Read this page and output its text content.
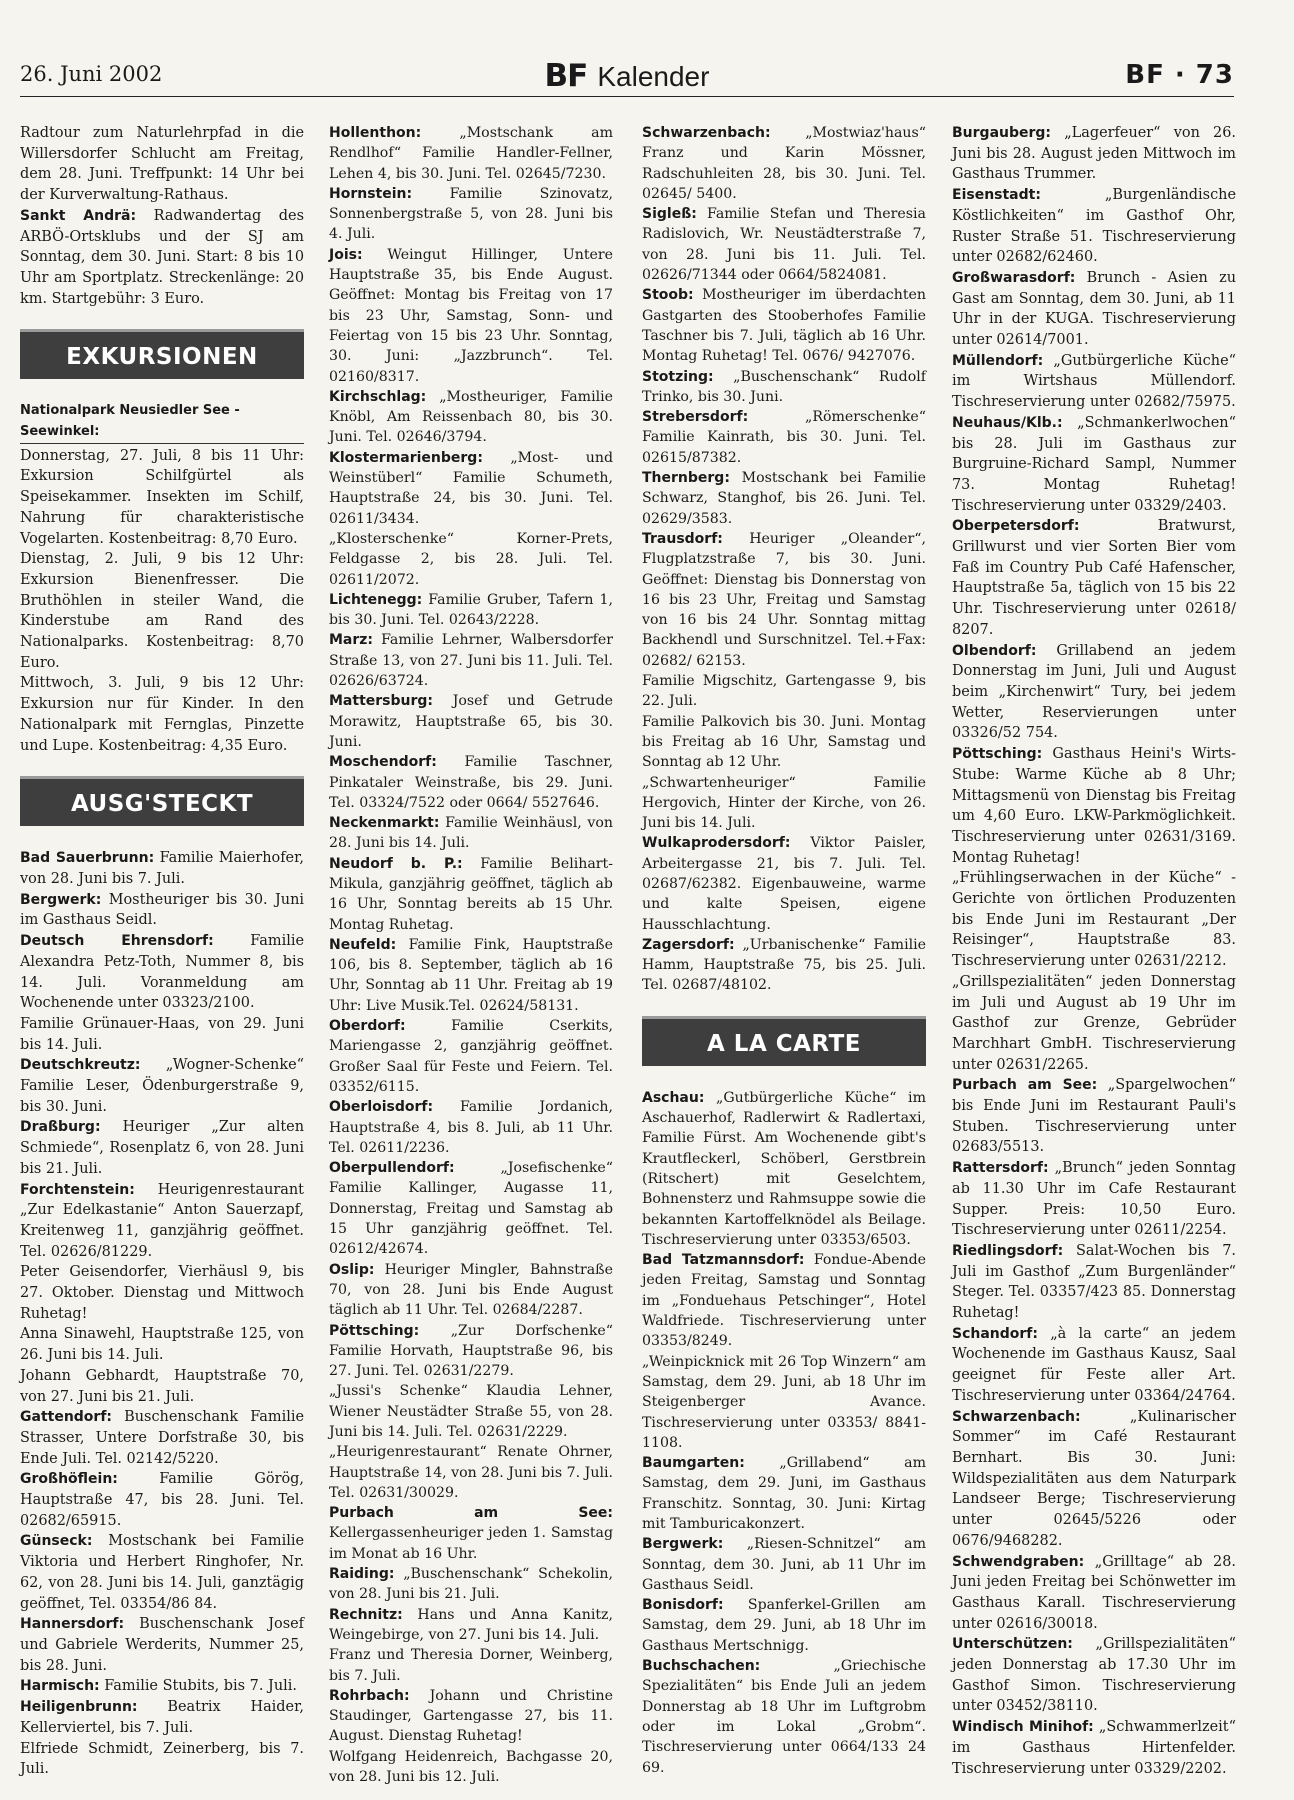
26. Juni 2002	BF Kalender	BF · 73

Radtour zum Naturlehrpfad in die Willersdorfer Schlucht am Freitag, dem 28. Juni. Treffpunkt: 14 Uhr bei der Kurverwaltung-Rathaus.

Sankt Andrä: Radwandertag des ARBÖ-Ortsklubs und der SJ am Sonntag, dem 30. Juni. Start: 8 bis 10 Uhr am Sportplatz. Streckenlänge: 20 km. Startgebühr: 3 Euro.

EXKURSIONEN
Nationalpark Neusiedler See - Seewinkel:

Donnerstag, 27. Juli, 8 bis 11 Uhr: Exkursion Schilfgürtel als Speisekammer. Insekten im Schilf, Nahrung für charakteristische Vogelarten. Kostenbeitrag: 8,70 Euro.

Dienstag, 2. Juli, 9 bis 12 Uhr: Exkursion Bienenfresser. Die Bruthöhlen in steiler Wand, die Kinderstube am Rand des Nationalparks. Kostenbeitrag: 8,70 Euro.

Mittwoch, 3. Juli, 9 bis 12 Uhr: Exkursion nur für Kinder. In den Nationalpark mit Fernglas, Pinzette und Lupe. Kostenbeitrag: 4,35 Euro.

AUSG'STECKT

Bad Sauerbrunn: Familie Maierhofer, von 28. Juni bis 7. Juli.

Bergwerk: Mostheuriger bis 30. Juni im Gasthaus Seidl.

Deutsch Ehrensdorf: Familie Alexandra Petz-Toth, Nummer 8, bis 14. Juli. Voranmeldung am Wochenende unter 03323/2100.

Familie Grünauer-Haas, von 29. Juni bis 14. Juli.

Deutschkreutz: „Wogner-Schenke“ Familie Leser, Ödenburgerstraße 9, bis 30. Juni.

Draßburg: Heuriger „Zur alten Schmiede“, Rosenplatz 6, von 28. Juni bis 21. Juli.

Forchtenstein: Heurigenrestaurant „Zur Edelkastanie“ Anton Sauerzapf, Kreitenweg 11, ganzjährig geöffnet. Tel. 02626/81229.

Peter Geisendorfer, Vierhäusl 9, bis 27. Oktober. Dienstag und Mittwoch Ruhetag!

Anna Sinawehl, Hauptstraße 125, von 26. Juni bis 14. Juli.

Johann Gebhardt, Hauptstraße 70, von 27. Juni bis 21. Juli.

Gattendorf: Buschenschank Familie Strasser, Untere Dorfstraße 30, bis Ende Juli. Tel. 02142/5220.

Großhöflein: Familie Görög, Hauptstraße 47, bis 28. Juni. Tel. 02682/65915.

Günseck: Mostschank bei Familie Viktoria und Herbert Ringhofer, Nr. 62, von 28. Juni bis 14. Juli, ganztägig geöffnet, Tel. 03354/86 84.

Hannersdorf: Buschenschank Josef und Gabriele Werderits, Nummer 25, bis 28. Juni.

Harmisch: Familie Stubits, bis 7. Juli.

Heiligenbrunn: Beatrix Haider, Kellerviertel, bis 7. Juli.

Elfriede Schmidt, Zeinerberg, bis 7. Juli.

Hollenthon: „Mostschank am Rendlhof“ Familie Handler-Fellner, Lehen 4, bis 30. Juni. Tel. 02645/7230.

Hornstein: Familie Szinovatz, Sonnenbergstraße 5, von 28. Juni bis 4. Juli.

Jois: Weingut Hillinger, Untere Hauptstraße 35, bis Ende August. Geöffnet: Montag bis Freitag von 17 bis 23 Uhr, Samstag, Sonn- und Feiertag von 15 bis 23 Uhr. Sonntag, 30. Juni: „Jazzbrunch“. Tel. 02160/8317.

Kirchschlag: „Mostheuriger, Familie Knöbl, Am Reissenbach 80, bis 30. Juni. Tel. 02646/3794.

Klostermarienberg: „Most- und Weinstüberl“ Familie Schumeth, Hauptstraße 24, bis 30. Juni. Tel. 02611/3434.

„Klosterschenke“ Korner-Prets, Feldgasse 2, bis 28. Juli. Tel. 02611/2072.

Lichtenegg: Familie Gruber, Tafern 1, bis 30. Juni. Tel. 02643/2228.

Marz: Familie Lehrner, Walbersdorfer Straße 13, von 27. Juni bis 11. Juli. Tel. 02626/63724.

Mattersburg: Josef und Getrude Morawitz, Hauptstraße 65, bis 30. Juni.

Moschendorf: Familie Taschner, Pinkataler Weinstraße, bis 29. Juni. Tel. 03324/7522 oder 0664/ 5527646.

Neckenmarkt: Familie Weinhäusl, von 28. Juni bis 14. Juli.

Neudorf b. P.: Familie Belihart-Mikula, ganzjährig geöffnet, täglich ab 16 Uhr, Sonntag bereits ab 15 Uhr. Montag Ruhetag.

Neufeld: Familie Fink, Hauptstraße 106, bis 8. September, täglich ab 16 Uhr, Sonntag ab 11 Uhr. Freitag ab 19 Uhr: Live Musik.Tel. 02624/58131.

Oberdorf: Familie Cserkits, Mariengasse 2, ganzjährig geöffnet. Großer Saal für Feste und Feiern. Tel. 03352/6115.

Oberloisdorf: Familie Jordanich, Hauptstraße 4, bis 8. Juli, ab 11 Uhr. Tel. 02611/2236.

Oberpullendorf: „Josefischenke“ Familie Kallinger, Augasse 11, Donnerstag, Freitag und Samstag ab 15 Uhr ganzjährig geöffnet. Tel. 02612/42674.

Oslip: Heuriger Mingler, Bahnstraße 70, von 28. Juni bis Ende August täglich ab 11 Uhr. Tel. 02684/2287.

Pöttsching: „Zur Dorfschenke“ Familie Horvath, Hauptstraße 96, bis 27. Juni. Tel. 02631/2279.

„Jussi's Schenke“ Klaudia Lehner, Wiener Neustädter Straße 55, von 28. Juni bis 14. Juli. Tel. 02631/2229.

„Heurigenrestaurant“ Renate Ohrner, Hauptstraße 14, von 28. Juni bis 7. Juli. Tel. 02631/30029.

Purbach am See: Kellergassenheuriger jeden 1. Samstag im Monat ab 16 Uhr.

Raiding: „Buschenschank“ Schekolin, von 28. Juni bis 21. Juli.

Rechnitz: Hans und Anna Kanitz, Weingebirge, von 27. Juni bis 14. Juli.

Franz und Theresia Dorner, Weinberg, bis 7. Juli.

Rohrbach: Johann und Christine Staudinger, Gartengasse 27, bis 11. August. Dienstag Ruhetag!

Wolfgang Heidenreich, Bachgasse 20, von 28. Juni bis 12. Juli.

Schwarzenbach: „Mostwiaz'haus“ Franz und Karin Mössner, Radschuhleiten 28, bis 30. Juni. Tel. 02645/ 5400.

Sigleß: Familie Stefan und Theresia Radislovich, Wr. Neustädterstraße 7, von 28. Juni bis 11. Juli. Tel. 02626/71344 oder 0664/5824081.

Stoob: Mostheuriger im überdachten Gastgarten des Stooberhofes Familie Taschner bis 7. Juli, täglich ab 16 Uhr. Montag Ruhetag! Tel. 0676/ 9427076.

Stotzing: „Buschenschank“ Rudolf Trinko, bis 30. Juni.

Strebersdorf: „Römerschenke“ Familie Kainrath, bis 30. Juni. Tel. 02615/87382.

Thernberg: Mostschank bei Familie Schwarz, Stanghof, bis 26. Juni. Tel. 02629/3583.

Trausdorf: Heuriger „Oleander“, Flugplatzstraße 7, bis 30. Juni. Geöffnet: Dienstag bis Donnerstag von 16 bis 23 Uhr, Freitag und Samstag von 16 bis 24 Uhr. Sonntag mittag Backhendl und Surschnitzel. Tel.+Fax: 02682/ 62153.

Familie Migschitz, Gartengasse 9, bis 22. Juli.

Familie Palkovich bis 30. Juni. Montag bis Freitag ab 16 Uhr, Samstag und Sonntag ab 12 Uhr.

„Schwartenheuriger“ Familie Hergovich, Hinter der Kirche, von 26. Juni bis 14. Juli.

Wulkaprodersdorf: Viktor Paisler, Arbeitergasse 21, bis 7. Juli. Tel. 02687/62382. Eigenbauweine, warme und kalte Speisen, eigene Hausschlachtung.

Zagersdorf: „Urbanischenke“ Familie Hamm, Hauptstraße 75, bis 25. Juli. Tel. 02687/48102.

A LA CARTE

Aschau: „Gutbürgerliche Küche“ im Aschauerhof, Radlerwirt & Radlertaxi, Familie Fürst. Am Wochenende gibt's Krautfleckerl, Schöberl, Gerstbrein (Ritschert) mit Geselchtem, Bohnensterz und Rahmsuppe sowie die bekannten Kartoffelknödel als Beilage. Tischreservierung unter 03353/6503.

Bad Tatzmannsdorf: Fondue-Abende jeden Freitag, Samstag und Sonntag im „Fonduehaus Petschinger“, Hotel Waldfriede. Tischreservierung unter 03353/8249.

„Weinpicknick mit 26 Top Winzern“ am Samstag, dem 29. Juni, ab 18 Uhr im Steigenberger Avance. Tischreservierung unter 03353/ 8841-1108.

Baumgarten: „Grillabend“ am Samstag, dem 29. Juni, im Gasthaus Franschitz. Sonntag, 30. Juni: Kirtag mit Tamburicakonzert.

Bergwerk: „Riesen-Schnitzel“ am Sonntag, dem 30. Juni, ab 11 Uhr im Gasthaus Seidl.

Bonisdorf: Spanferkel-Grillen am Samstag, dem 29. Juni, ab 18 Uhr im Gasthaus Mertschnigg.

Buchschachen: „Griechische Spezialitäten“ bis Ende Juli an jedem Donnerstag ab 18 Uhr im Luftgrobm oder im Lokal „Grobm“. Tischreservierung unter 0664/133 24 69.

Burgauberg: „Lagerfeuer“ von 26. Juni bis 28. August jeden Mittwoch im Gasthaus Trummer.

Eisenstadt: „Burgenländische Köstlichkeiten“ im Gasthof Ohr, Ruster Straße 51. Tischreservierung unter 02682/62460.

Großwarasdorf: Brunch - Asien zu Gast am Sonntag, dem 30. Juni, ab 11 Uhr in der KUGA. Tischreservierung unter 02614/7001.

Müllendorf: „Gutbürgerliche Küche“ im Wirtshaus Müllendorf. Tischreservierung unter 02682/75975.

Neuhaus/Klb.: „Schmankerlwochen“ bis 28. Juli im Gasthaus zur Burgruine-Richard Sampl, Nummer 73. Montag Ruhetag! Tischreservierung unter 03329/2403.

Oberpetersdorf: Bratwurst, Grillwurst und vier Sorten Bier vom Faß im Country Pub Café Hafenscher, Hauptstraße 5a, täglich von 15 bis 22 Uhr. Tischreservierung unter 02618/ 8207.

Olbendorf: Grillabend an jedem Donnerstag im Juni, Juli und August beim „Kirchenwirt“ Tury, bei jedem Wetter, Reservierungen unter 03326/52 754.

Pöttsching: Gasthaus Heini's Wirts-Stube: Warme Küche ab 8 Uhr; Mittagsmenü von Dienstag bis Freitag um 4,60 Euro. LKW-Parkmöglichkeit. Tischreservierung unter 02631/3169. Montag Ruhetag!

„Frühlingserwachen in der Küche“ - Gerichte von örtlichen Produzenten bis Ende Juni im Restaurant „Der Reisinger“, Hauptstraße 83. Tischreservierung unter 02631/2212.

„Grillspezialitäten“ jeden Donnerstag im Juli und August ab 19 Uhr im Gasthof zur Grenze, Gebrüder Marchhart GmbH. Tischreservierung unter 02631/2265.

Purbach am See: „Spargelwochen“ bis Ende Juni im Restaurant Pauli's Stuben. Tischreservierung unter 02683/5513.

Rattersdorf: „Brunch“ jeden Sonntag ab 11.30 Uhr im Cafe Restaurant Supper. Preis: 10,50 Euro. Tischreservierung unter 02611/2254.

Riedlingsdorf: Salat-Wochen bis 7. Juli im Gasthof „Zum Burgenländer“ Steger. Tel. 03357/423 85. Donnerstag Ruhetag!

Schandorf: „à la carte“ an jedem Wochenende im Gasthaus Kausz, Saal geeignet für Feste aller Art. Tischreservierung unter 03364/24764.

Schwarzenbach: „Kulinarischer Sommer“ im Café Restaurant Bernhart. Bis 30. Juni: Wildspezialitäten aus dem Naturpark Landseer Berge; Tischreservierung unter 02645/5226 oder 0676/9468282.

Schwendgraben: „Grilltage“ ab 28. Juni jeden Freitag bei Schönwetter im Gasthaus Karall. Tischreservierung unter 02616/30018.

Unterschützen: „Grillspezialitäten“ jeden Donnerstag ab 17.30 Uhr im Gasthof Simon. Tischreservierung unter 03452/38110.

Windisch Minihof: „Schwammerlzeit“ im Gasthaus Hirtenfelder. Tischreservierung unter 03329/2202.
